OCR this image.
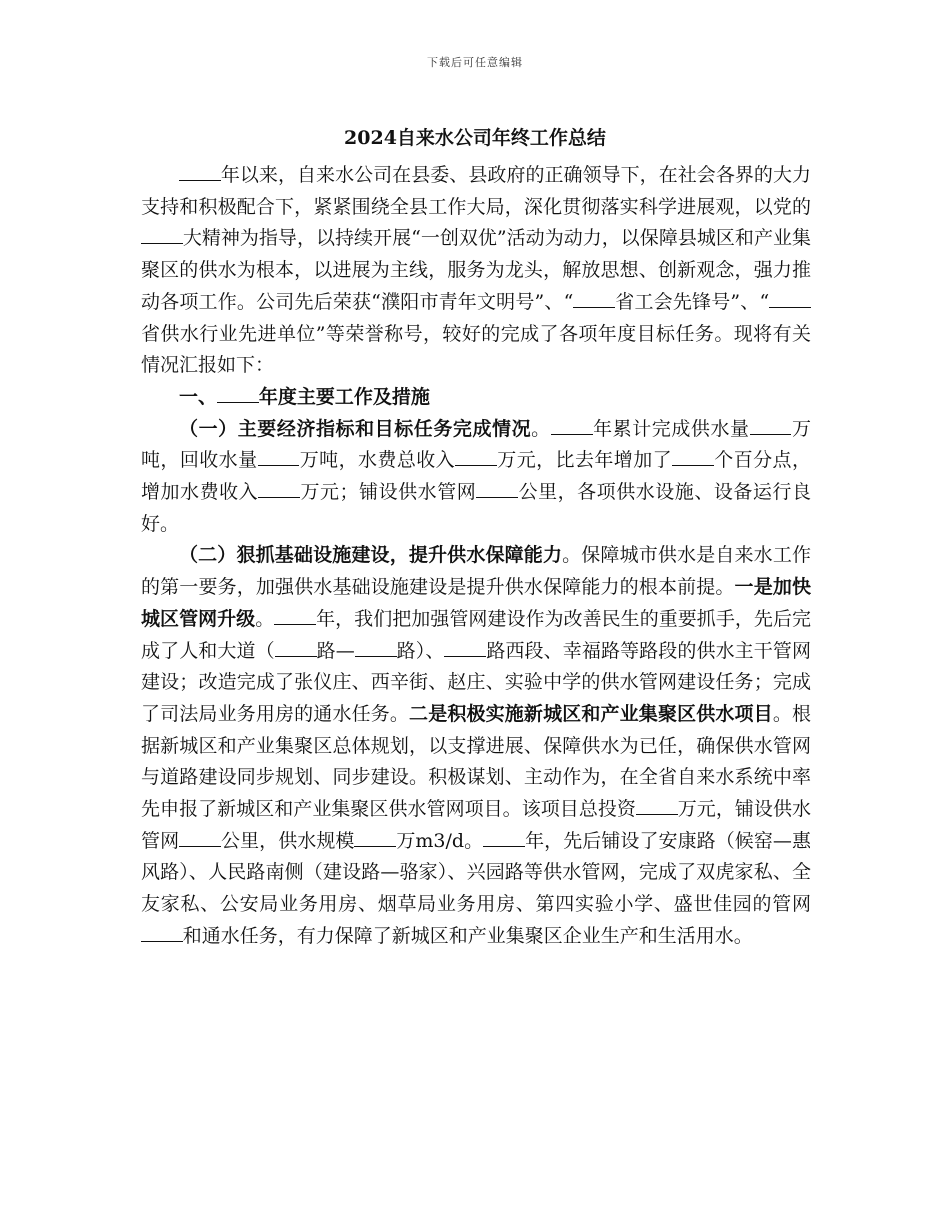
下载后可任意编辑
2024自来水公司年终工作总结

年以来，自来水公司在县委、县政府的正确领导下，在社会各界的大力支持和积极配合下，紧紧围绕全县工作大局，深化贯彻落实科学进展观，以党的大精神为指导，以持续开展“一创双优”活动为动力，以保障县城区和产业集聚区的供水为根本，以进展为主线，服务为龙头，解放思想、创新观念，强力推动各项工作。公司先后荣获“濮阳市青年文明号”、“ 省工会先锋号”、“省供水行业先进单位”等荣誉称号，较好的完成了各项年度目标任务。现将有关情况汇报如下：

一、 年度主要工作及措施

（一）主要经济指标和目标任务完成情况。 年累计完成供水量 万吨，回收水量 万吨，水费总收入 万元，比去年增加了 个百分点，增加水费收入 万元；铺设供水管网 公里，各项供水设施、设备运行良好。

（二）狠抓基础设施建设，提升供水保障能力。保障城市供水是自来水工作的第一要务，加强供水基础设施建设是提升供水保障能力的根本前提。一是加快城区管网升级。 年，我们把加强管网建设作为改善民生的重要抓手，先后完成了人和大道（ 路— 路）、 路西段、幸福路等路段的供水主干管网建设；改造完成了张仪庄、西辛街、赵庄、实验中学的供水管网建设任务；完成了司法局业务用房的通水任务。二是积极实施新城区和产业集聚区供水项目。根据新城区和产业集聚区总体规划，以支撑进展、保障供水为已任，确保供水管网与道路建设同步规划、同步建设。积极谋划、主动作为，在全省自来水系统中率先申报了新城区和产业集聚区供水管网项目。该项目总投资 万元，铺设供水管网 公里，供水规模 万m3/d。 年，先后铺设了安康路（候窑—惠风路）、人民路南侧（建设路—骆家）、兴园路等供水管网，完成了双虎家私、全友家私、公安局业务用房、烟草局业务用房、第四实验小学、盛世佳园的管网和通水任务，有力保障了新城区和产业集聚区企业生产和生活用水。
